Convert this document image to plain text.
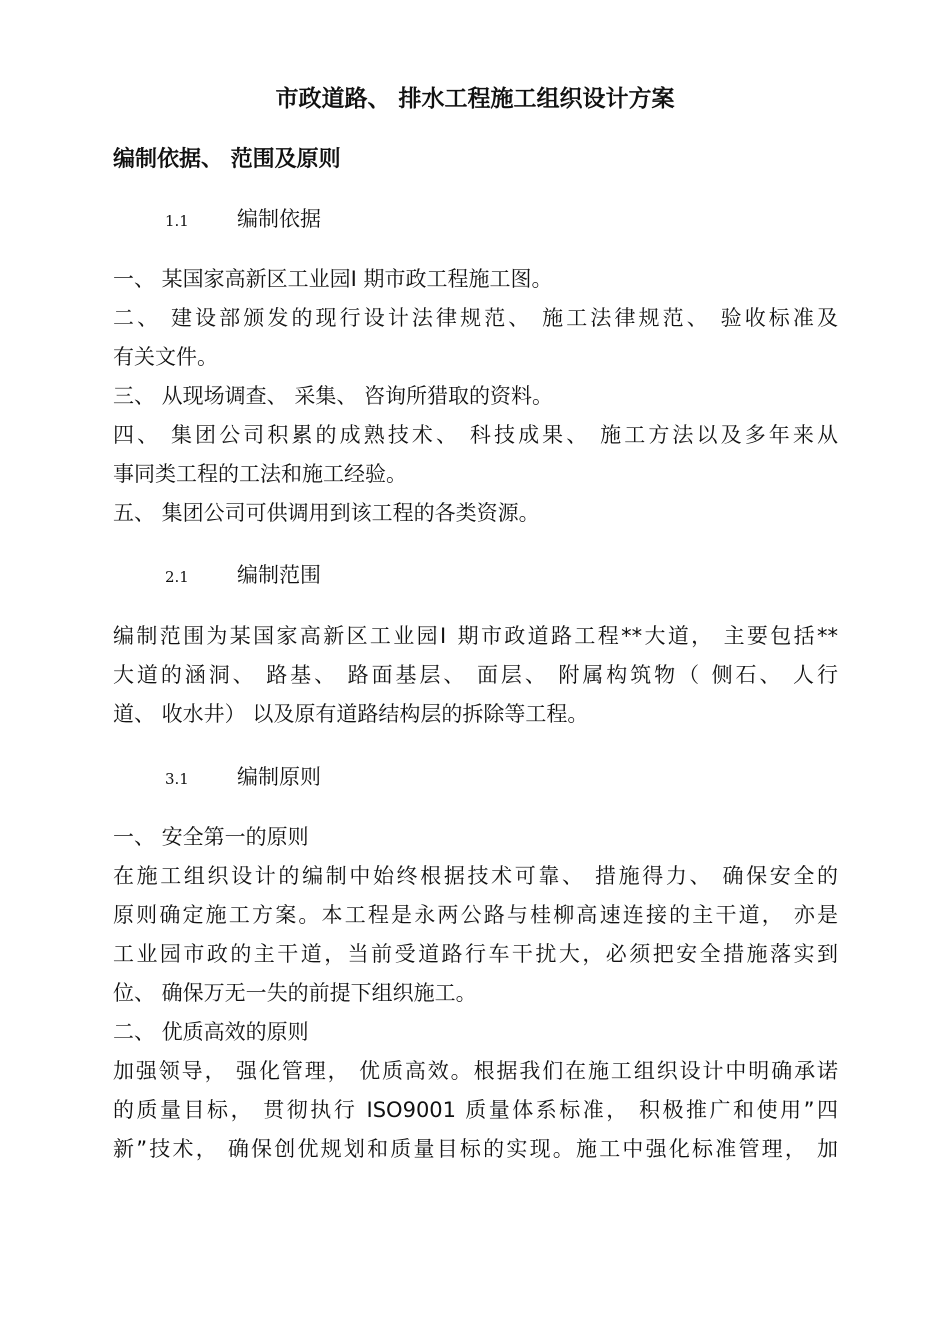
市政道路、 排水工程施工组织设计方案
编制依据、 范围及原则
1.1 编制依据
一、 某国家高新区工业园Ⅰ 期市政工程施工图。
二、 建设部颁发的现行设计法律规范、 施工法律规范、 验收标准及
有关文件。
三、 从现场调查、 采集、 咨询所猎取的资料。
四、 集团公司积累的成熟技术、 科技成果、 施工方法以及多年来从
事同类工程的工法和施工经验。
五、 集团公司可供调用到该工程的各类资源。
2.1 编制范围
编制范围为某国家高新区工业园Ⅰ 期市政道路工程**大道， 主要包括**
大道的涵洞、 路基、 路面基层、 面层、 附属构筑物（ 侧石、 人行
道、 收水井） 以及原有道路结构层的拆除等工程。
3.1 编制原则
一、 安全第一的原则
在施工组织设计的编制中始终根据技术可靠、 措施得力、 确保安全的
原则确定施工方案。本工程是永两公路与桂柳高速连接的主干道， 亦是
工业园市政的主干道，当前受道路行车干扰大，必须把安全措施落实到
位、 确保万无一失的前提下组织施工。
二、 优质高效的原则
加强领导， 强化管理， 优质高效。根据我们在施工组织设计中明确承诺
的质量目标， 贯彻执行 ISO9001 质量体系标准， 积极推广和使用”四
新”技术， 确保创优规划和质量目标的实现。施工中强化标准管理， 加
